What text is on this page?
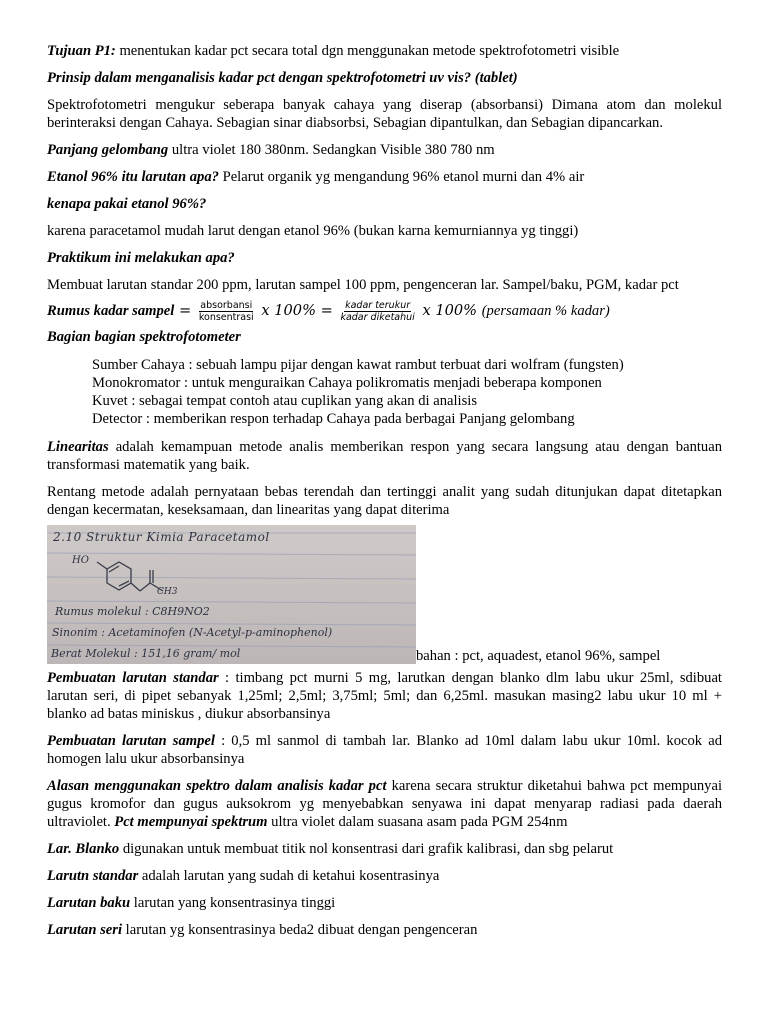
Tujuan P1: menentukan kadar pct secara total dgn menggunakan metode spektrofotometri visible

Prinsip dalam menganalisis kadar pct dengan spektrofotometri uv vis? (tablet)

Spektrofotometri mengukur seberapa banyak cahaya yang diserap (absorbansi) Dimana atom dan molekul berinteraksi dengan Cahaya. Sebagian sinar diabsorbsi, Sebagian dipantulkan, dan Sebagian dipancarkan.

Panjang gelombang ultra violet 180 380nm. Sedangkan Visible 380 780 nm

Etanol 96% itu larutan apa? Pelarut organik yg mengandung 96% etanol murni dan 4% air

kenapa pakai etanol 96%?

karena paracetamol mudah larut dengan etanol 96% (bukan karna kemurniannya yg tinggi)

Praktikum ini melakukan apa?

Membuat larutan standar 200 ppm, larutan sampel 100 ppm, pengenceran lar. Sampel/baku, PGM, kadar pct

Rumus kadar sampel = $\frac{\text{absorbansi}}{\text{konsentrasi}}$ x $100\% = \frac{\text{kadar terukur}}{\text{kadar diketahui}}$ x 100% (persamaan % kadar)

Bagian bagian spektrofotometer

Sumber Cahaya : sebuah lampu pijar dengan kawat rambut terbuat dari wolfram (fungsten)

Monokromator : untuk menguraikan Cahaya polikromatis menjadi beberapa komponen

Kuvet : sebagai tempat contoh atau cuplikan yang akan di analisis

Detector : memberikan respon terhadap Cahaya pada berbagai Panjang gelombang

Linearitas adalah kemampuan metode analis memberikan respon yang secara langsung atau dengan bantuan transformasi matematik yang baik.

Rentang metode adalah pernyataan bebas terendah dan tertinggi analit yang sudah ditunjukan dapat ditetapkan dengan kecermatan, keseksamaan, dan linearitas yang dapat diterima

2.10 Struktur Kimia Paracetamol
HO
CH3
Rumus molekul : C8H9NO2
Sinonim : Acetaminofen (N-Acetyl-p-aminophenol)
Berat Molekul : 151,16 gram/ mol	bahan : pct, aquadest, etanol 96%, sampel

Pembuatan larutan standar : timbang pct murni 5 mg, larutkan dengan blanko dlm labu ukur 25ml, sdibuat larutan seri, di pipet sebanyak 1,25ml; 2,5ml; 3,75ml; 5ml; dan 6,25ml. masukan masing2 labu ukur 10 ml + blanko ad batas miniskus , diukur absorbansinya

Pembuatan larutan sampel : 0,5 ml sanmol di tambah lar. Blanko ad 10ml dalam labu ukur 10ml. kocok ad homogen lalu ukur absorbansinya

Alasan menggunakan spektro dalam analisis kadar pct karena secara struktur diketahui bahwa pct mempunyai gugus kromofor dan gugus auksokrom yg menyebabkan senyawa ini dapat menyarap radiasi pada daerah ultraviolet. Pct mempunyai spektrum ultra violet dalam suasana asam pada PGM 254nm

Lar. Blanko digunakan untuk membuat titik nol konsentrasi dari grafik kalibrasi, dan sbg pelarut

Larutn standar adalah larutan yang sudah di ketahui kosentrasinya

Larutan baku larutan yang konsentrasinya tinggi

Larutan seri larutan yg konsentrasinya beda2 dibuat dengan pengenceran
